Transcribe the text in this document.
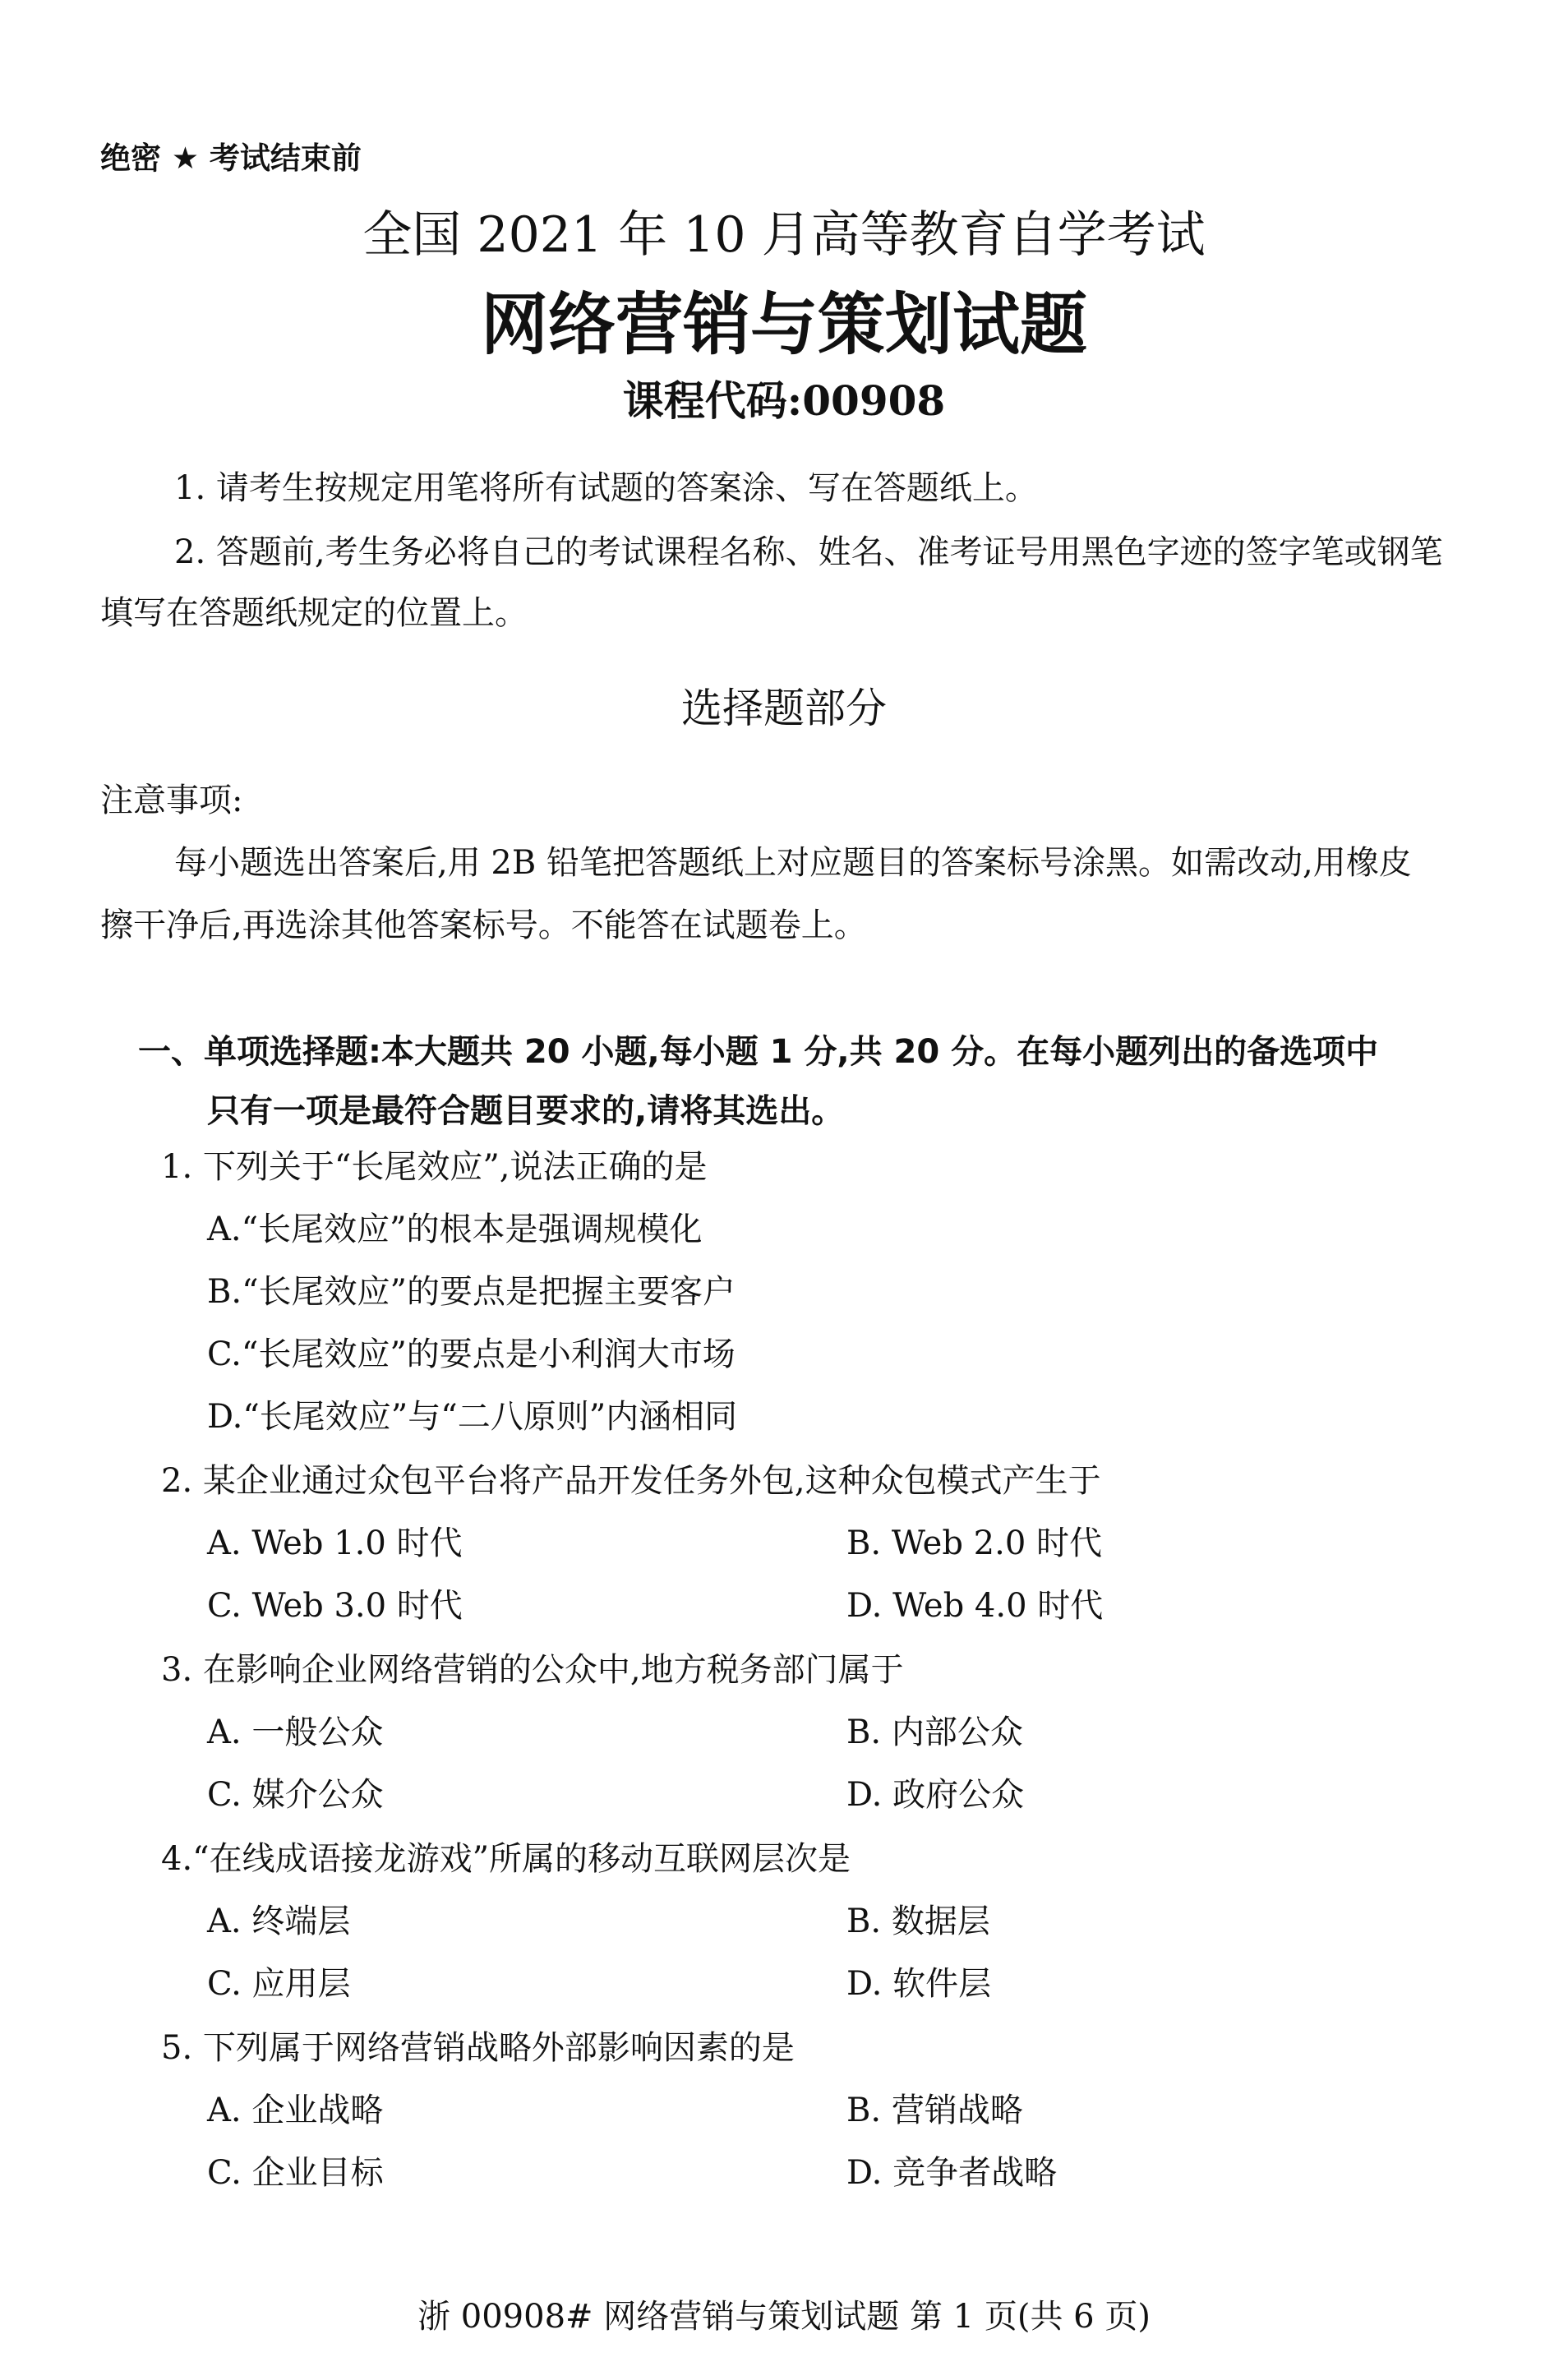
绝密 ★ 考试结束前
全国 2021 年 10 月高等教育自学考试
网络营销与策划试题
课程代码:00908
1. 请考生按规定用笔将所有试题的答案涂、写在答题纸上。
2. 答题前,考生务必将自己的考试课程名称、姓名、准考证号用黑色字迹的签字笔或钢笔
填写在答题纸规定的位置上。
选择题部分
注意事项:
每小题选出答案后,用 2B 铅笔把答题纸上对应题目的答案标号涂黑。如需改动,用橡皮
擦干净后,再选涂其他答案标号。不能答在试题卷上。
一、单项选择题:本大题共 20 小题,每小题 1 分,共 20 分。在每小题列出的备选项中
只有一项是最符合题目要求的,请将其选出。
1. 下列关于“长尾效应”,说法正确的是
A.“长尾效应”的根本是强调规模化
B.“长尾效应”的要点是把握主要客户
C.“长尾效应”的要点是小利润大市场
D.“长尾效应”与“二八原则”内涵相同
2. 某企业通过众包平台将产品开发任务外包,这种众包模式产生于
A. Web 1.0 时代	B. Web 2.0 时代
C. Web 3.0 时代	D. Web 4.0 时代
3. 在影响企业网络营销的公众中,地方税务部门属于
A. 一般公众	B. 内部公众
C. 媒介公众	D. 政府公众
4.“在线成语接龙游戏”所属的移动互联网层次是
A. 终端层	B. 数据层
C. 应用层	D. 软件层
5. 下列属于网络营销战略外部影响因素的是
A. 企业战略	B. 营销战略
C. 企业目标	D. 竞争者战略
浙 00908# 网络营销与策划试题 第 1 页(共 6 页)
